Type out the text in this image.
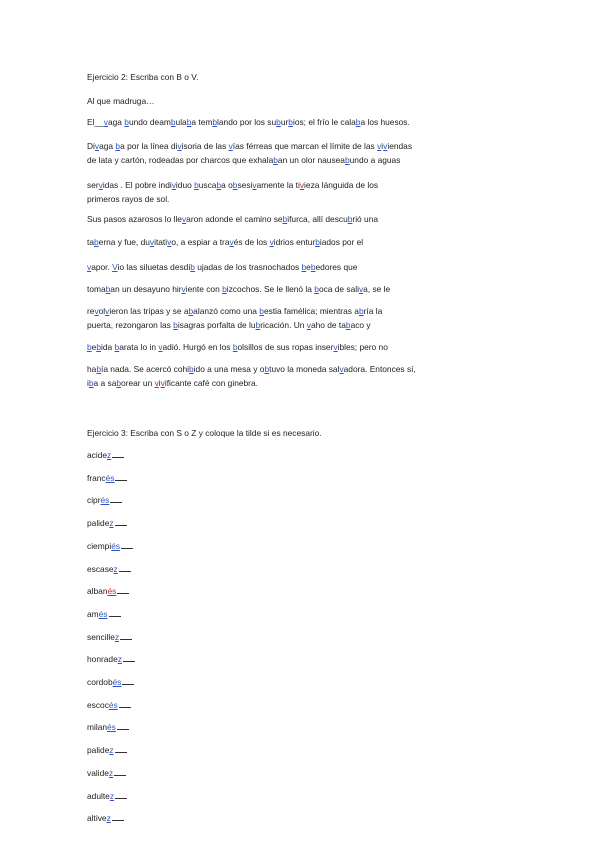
Ejercicio 2: Escriba con B o V.
Al que madruga…
El__vaga bundo deambulaba temblando por los suburbios; el frío le calaba los huesos.
Divaga ba por la línea divisoria de las vías férreas que marcan el límite de las viviendas
de lata y cartón, rodeadas por charcos que exhalaban un olor nauseabundo a aguas
servidas . El pobre individuo buscaba obsesivamente la tivieza lánguida de los
primeros rayos de sol.
Sus pasos azarosos lo llevaron adonde el camino sebifurca, allí descubrió una
taberna y fue, duvitativo, a espiar a través de los vidrios enturbiados por el
vapor. Vio las siluetas desdib ujadas de los trasnochados bebedores que
tomaban un desayuno hirviente con bizcochos. Se le llenó la boca de saliva, se le
revolvieron las tripas y se abalanzó como una bestia famélica; mientras abría la
puerta, rezongaron las bisagras porfalta de lubricación. Un vaho de tabaco y
bebida barata lo in vadió. Hurgó en los bolsillos de sus ropas inservibles; pero no
había nada. Se acercó cohibido a una mesa y obtuvo la moneda salvadora. Entonces sí,
iba a saborear un vivificante café con ginebra.
Ejercicio 3: Escriba con S o Z y coloque la tilde si es necesario.
acidez
francés
ciprés
palidez
ciempiés
escasez
albanés
amés
sencillez
honradez
cordobés
escocés
milanés
palidez
validez
adultez
altivez
